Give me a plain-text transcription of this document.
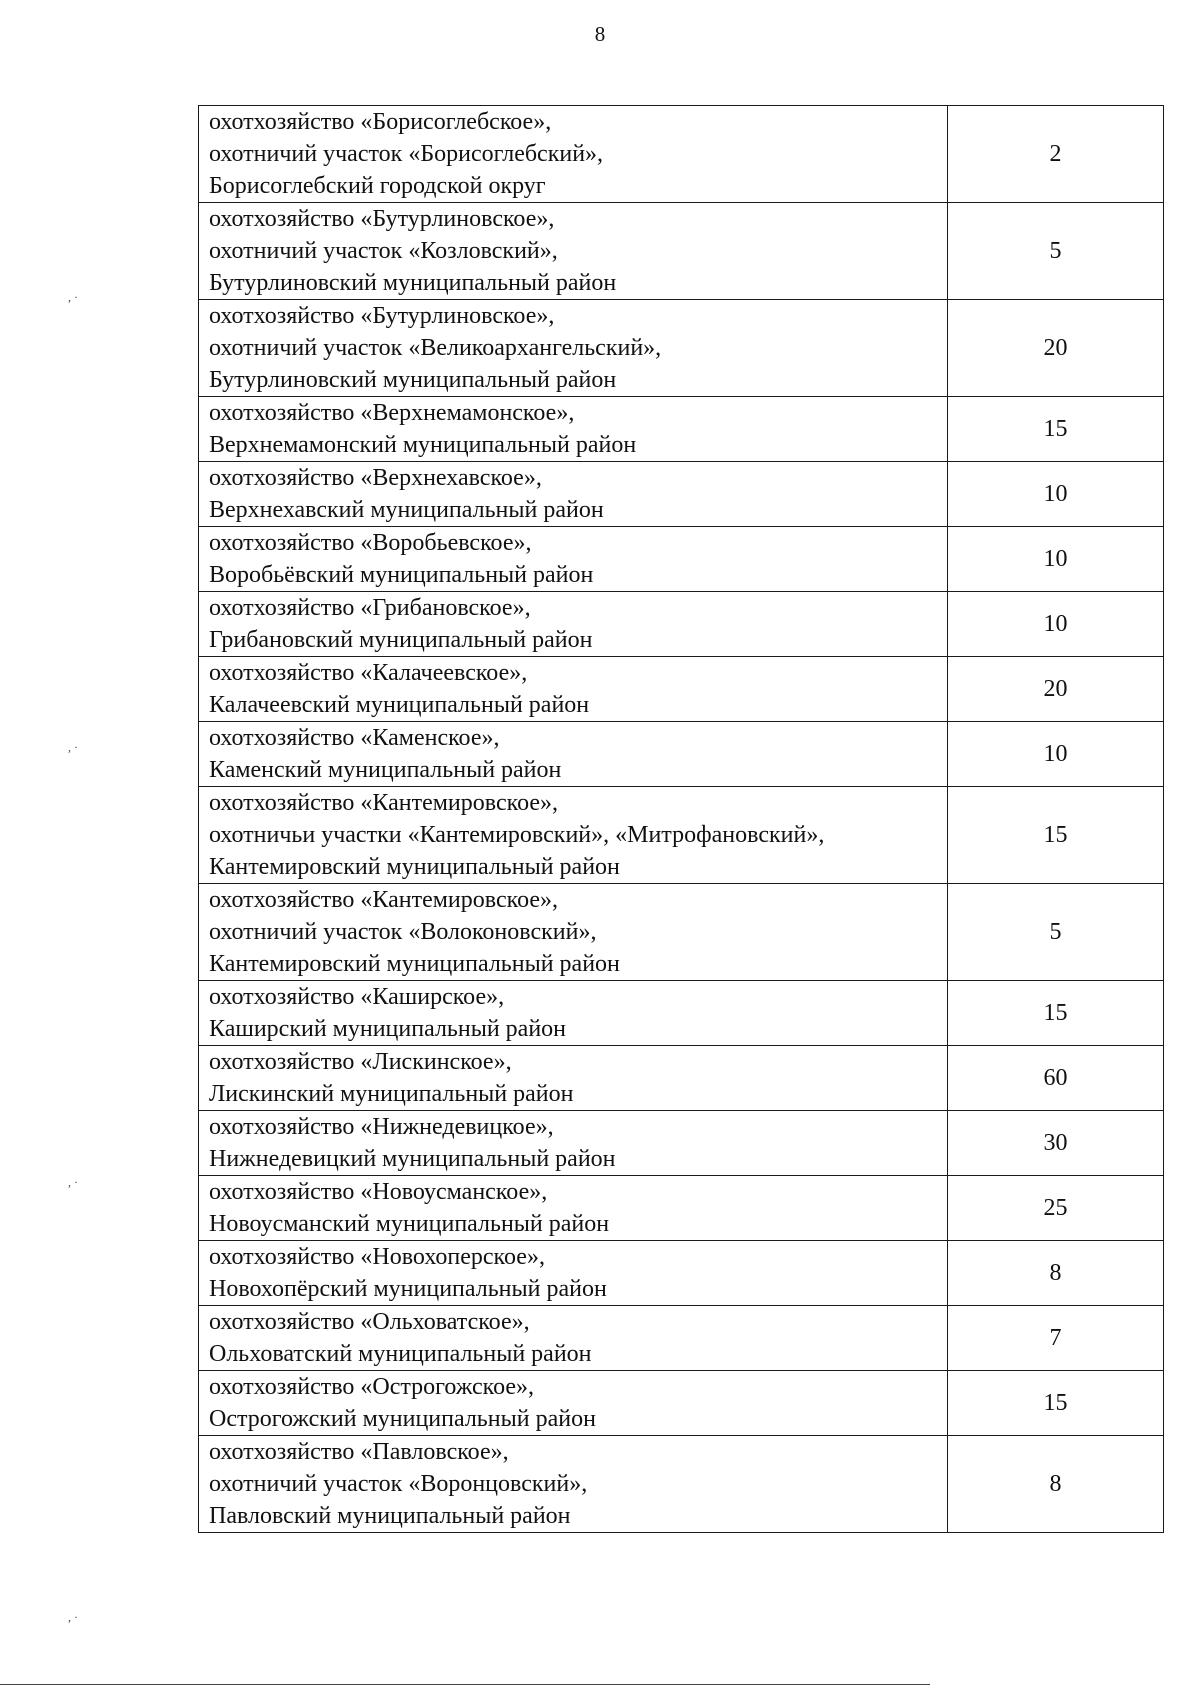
8
охотхозяйство «Борисоглебское»,
охотничий участок «Борисоглебский»,
Борисоглебский городской округ	2

охотхозяйство «Бутурлиновское»,
охотничий участок «Козловский»,
Бутурлиновский муниципальный район	5

охотхозяйство «Бутурлиновское»,
охотничий участок «Великоархангельский»,
Бутурлиновский муниципальный район	20

охотхозяйство «Верхнемамонское»,
Верхнемамонский муниципальный район	15

охотхозяйство «Верхнехавское»,
Верхнехавский муниципальный район	10

охотхозяйство «Воробьевское»,
Воробьёвский муниципальный район	10

охотхозяйство «Грибановское»,
Грибановский муниципальный район	10

охотхозяйство «Калачеевское»,
Калачеевский муниципальный район	20

охотхозяйство «Каменское»,
Каменский муниципальный район	10

охотхозяйство «Кантемировское»,
охотничьи участки «Кантемировский», «Митрофановский»,
Кантемировский муниципальный район	15

охотхозяйство «Кантемировское»,
охотничий участок «Волоконовский»,
Кантемировский муниципальный район	5

охотхозяйство «Каширское»,
Каширский муниципальный район	15

охотхозяйство «Лискинское»,
Лискинский муниципальный район	60

охотхозяйство «Нижнедевицкое»,
Нижнедевицкий муниципальный район	30

охотхозяйство «Новоусманское»,
Новоусманский муниципальный район	25

охотхозяйство «Новохоперское»,
Новохопёрский муниципальный район	8

охотхозяйство «Ольховатское»,
Ольховатский муниципальный район	7

охотхозяйство «Острогожское»,
Острогожский муниципальный район	15

охотхозяйство «Павловское»,
охотничий участок «Воронцовский»,
Павловский муниципальный район	8
, ·
, ·
, ·
, ·
